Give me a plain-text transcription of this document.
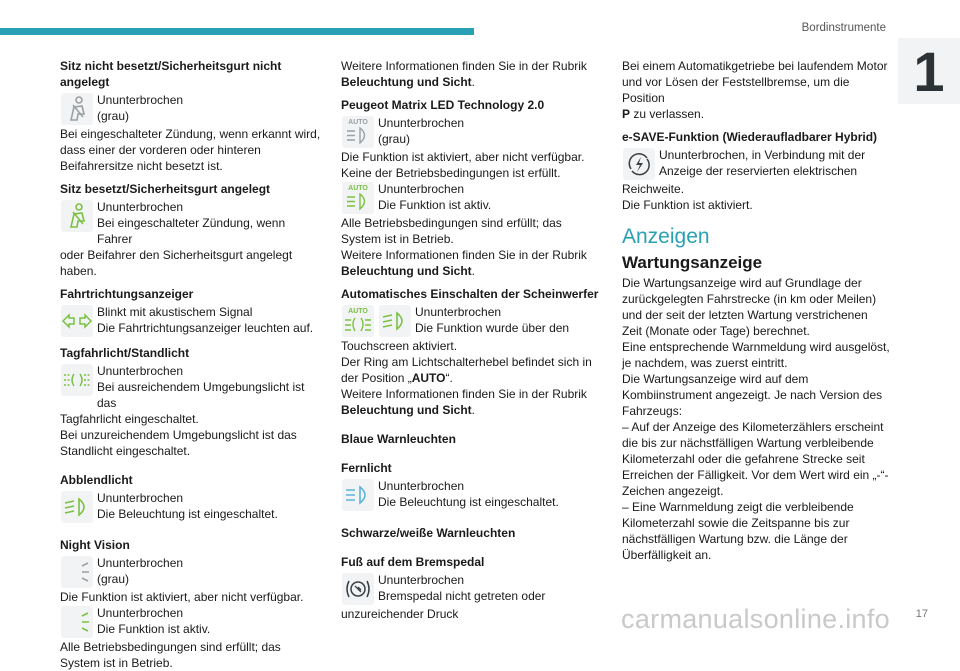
Bordinstrumente
1
Sitz nicht besetzt/Sicherheitsgurt nicht angelegt
Ununterbrochen
(grau)

Bei eingeschalteter Zündung, wenn erkannt wird, dass einer der vorderen oder hinteren Beifahrersitze nicht besetzt ist.

Sitz besetzt/Sicherheitsgurt angelegt
Ununterbrochen
Bei eingeschalteter Zündung, wenn Fahrer

oder Beifahrer den Sicherheitsgurt angelegt haben.

Fahrtrichtungsanzeiger
Blinkt mit akustischem Signal
Die Fahrtrichtungsanzeiger leuchten auf.
Tagfahrlicht/Standlicht
Ununterbrochen
Bei ausreichendem Umgebungslicht ist das

Tagfahrlicht eingeschaltet.

Bei unzureichendem Umgebungslicht ist das Standlicht eingeschaltet.

Abblendlicht
Ununterbrochen
Die Beleuchtung ist eingeschaltet.
Night Vision
Ununterbrochen
(grau)

Die Funktion ist aktiviert, aber nicht verfügbar.

Ununterbrochen
Die Funktion ist aktiv.

Alle Betriebsbedingungen sind erfüllt; das System ist in Betrieb.

Weitere Informationen finden Sie in der Rubrik Beleuchtung und Sicht.

Peugeot Matrix LED Technology 2.0
AUTO Ununterbrochen
(grau)

Die Funktion ist aktiviert, aber nicht verfügbar.

Keine der Betriebsbedingungen ist erfüllt.

AUTO Ununterbrochen
Die Funktion ist aktiv.

Alle Betriebsbedingungen sind erfüllt; das System ist in Betrieb.

Weitere Informationen finden Sie in der Rubrik Beleuchtung und Sicht.

Automatisches Einschalten der Scheinwerfer
AUTO	Ununterbrochen
Die Funktion wurde über den

Touchscreen aktiviert.

Der Ring am Lichtschalterhebel befindet sich in der Position „AUTO“.

Weitere Informationen finden Sie in der Rubrik Beleuchtung und Sicht.

Blaue Warnleuchten
Fernlicht
Ununterbrochen
Die Beleuchtung ist eingeschaltet.
Schwarze/weiße Warnleuchten
Fuß auf dem Bremspedal
Ununterbrochen
Bremspedal nicht getreten oder

unzureichender Druck

Bei einem Automatikgetriebe bei laufendem Motor und vor Lösen der Feststellbremse, um die Position
P zu verlassen.

e-SAVE-Funktion (Wiederaufladbarer Hybrid)
Ununterbrochen, in Verbindung mit der
Anzeige der reservierten elektrischen

Reichweite.

Die Funktion ist aktiviert.

Anzeigen
Wartungsanzeige

Die Wartungsanzeige wird auf Grundlage der zurückgelegten Fahrstrecke (in km oder Meilen) und der seit der letzten Wartung verstrichenen Zeit (Monate oder Tage) berechnet.

Eine entsprechende Warnmeldung wird ausgelöst, je nachdem, was zuerst eintritt.

Die Wartungsanzeige wird auf dem Kombiinstrument angezeigt. Je nach Version des Fahrzeugs:

– Auf der Anzeige des Kilometerzählers erscheint die bis zur nächstfälligen Wartung verbleibende Kilometerzahl oder die gefahrene Strecke seit Erreichen der Fälligkeit. Vor dem Wert wird ein „-“-Zeichen angezeigt.

– Eine Warnmeldung zeigt die verbleibende Kilometerzahl sowie die Zeitspanne bis zur nächstfälligen Wartung bzw. die Länge der Überfälligkeit an.

carmanualsonline.info	17
